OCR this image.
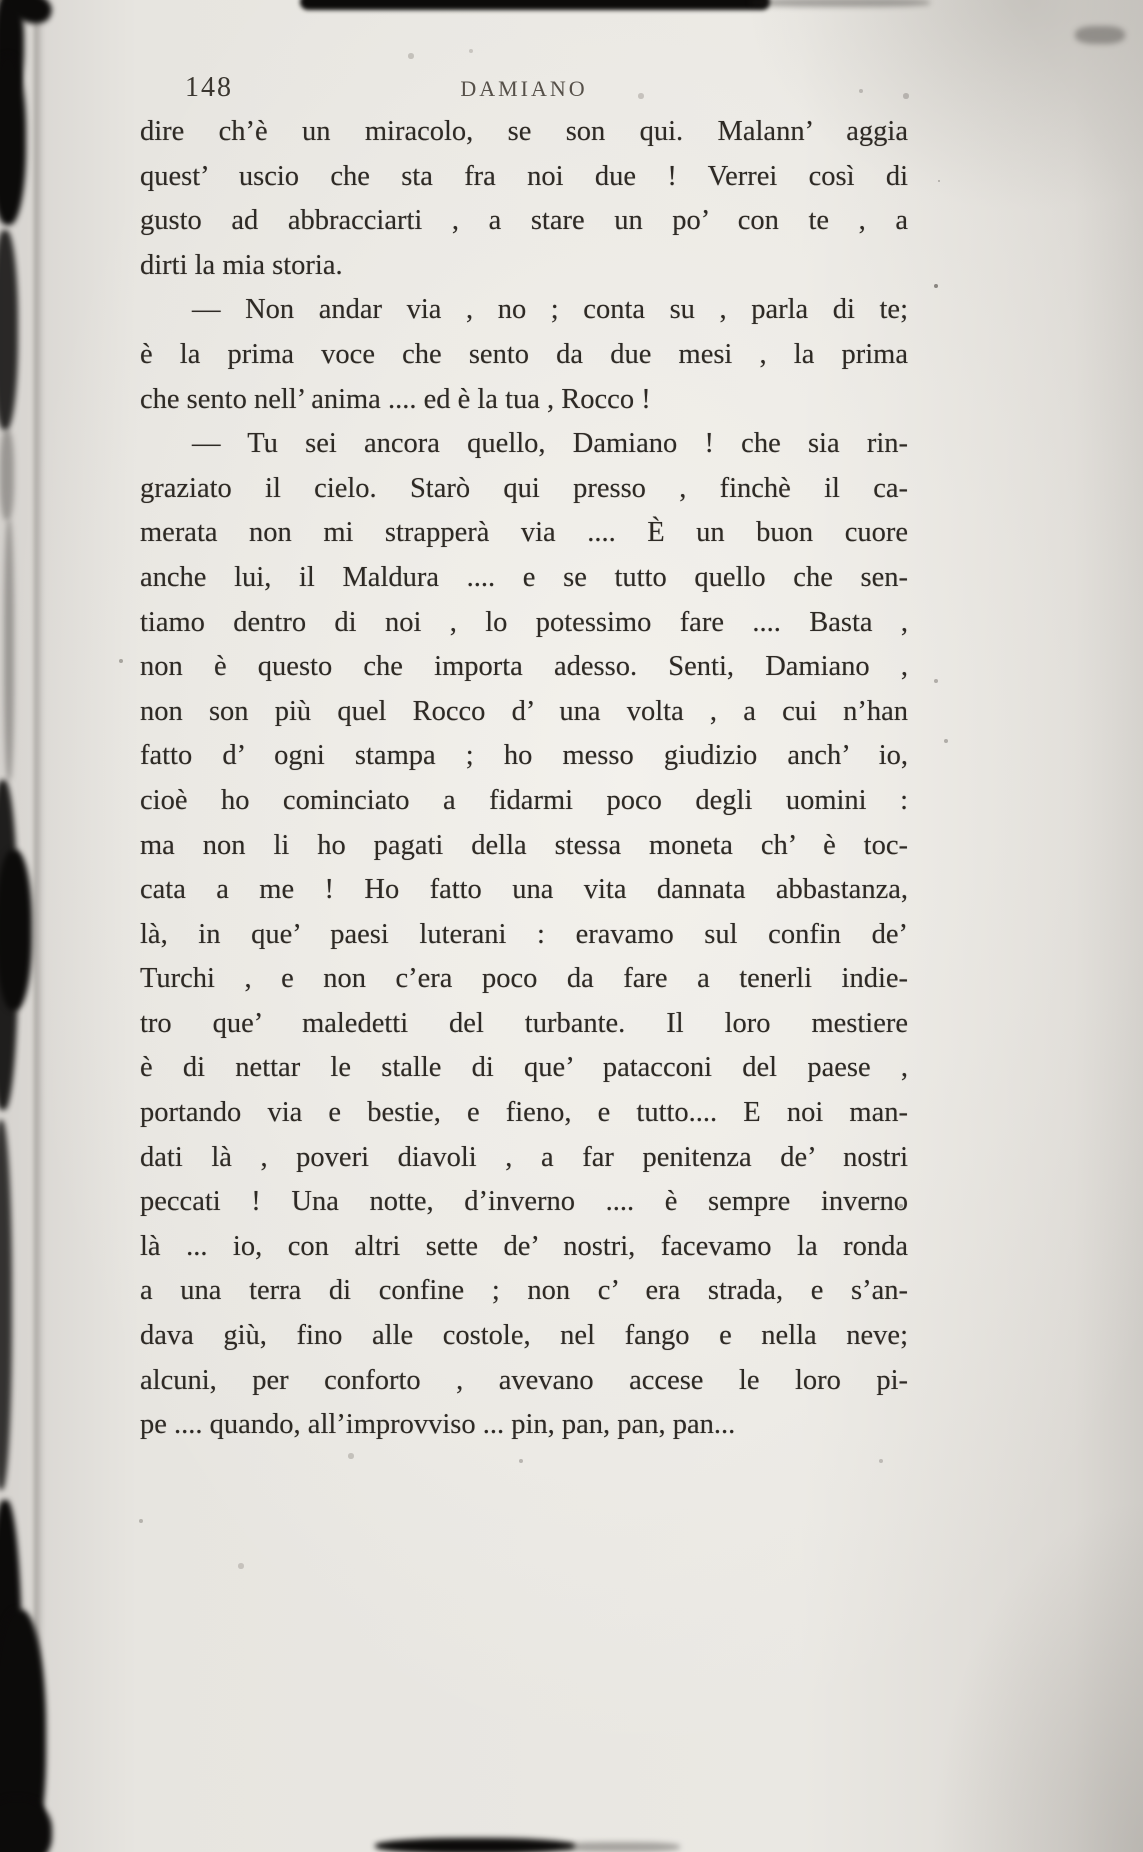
148	DAMIANO
dire ch’è un miracolo, se son qui. Malann’ aggia
quest’ uscio che sta fra noi due ! Verrei così di
gusto ad abbracciarti , a stare un po’ con te , a
dirti la mia storia.
— Non andar via , no ; conta su , parla di te;
è la prima voce che sento da due mesi , la prima
che sento nell’ anima .... ed è la tua , Rocco !
— Tu sei ancora quello, Damiano ! che sia rin-
graziato il cielo. Starò qui presso , finchè il ca-
merata non mi strapperà via .... È un buon cuore
anche lui, il Maldura .... e se tutto quello che sen-
tiamo dentro di noi , lo potessimo fare .... Basta ,
non è questo che importa adesso. Senti, Damiano ,
non son più quel Rocco d’ una volta , a cui n’han
fatto d’ ogni stampa ; ho messo giudizio anch’ io,
cioè ho cominciato a fidarmi poco degli uomini :
ma non li ho pagati della stessa moneta ch’ è toc-
cata a me ! Ho fatto una vita dannata abbastanza,
là, in que’ paesi luterani : eravamo sul confin de’
Turchi , e non c’era poco da fare a tenerli indie-
tro que’ maledetti del turbante. Il loro mestiere
è di nettar le stalle di que’ patacconi del paese ,
portando via e bestie, e fieno, e tutto.... E noi man-
dati là , poveri diavoli , a far penitenza de’ nostri
peccati ! Una notte, d’inverno .... è sempre inverno
là ... io, con altri sette de’ nostri, facevamo la ronda
a una terra di confine ; non c’ era strada, e s’an-
dava giù, fino alle costole, nel fango e nella neve;
alcuni, per conforto , avevano accese le loro pi-
pe .... quando, all’improvviso ... pin, pan, pan, pan...
